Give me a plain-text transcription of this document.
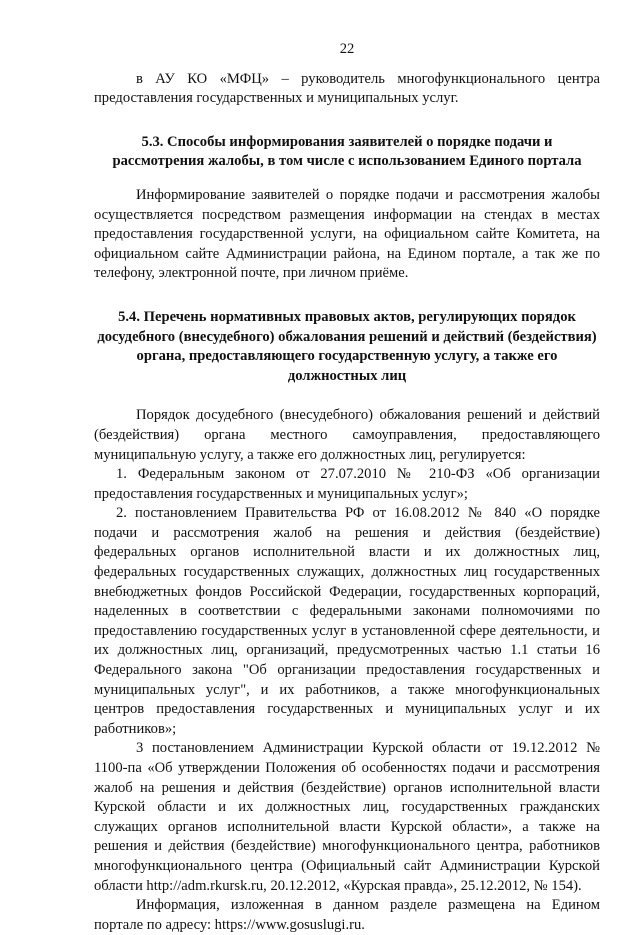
22

в АУ КО «МФЦ» – руководитель многофункционального центра предоставления государственных и муниципальных услуг.

5.3. Способы информирования заявителей о порядке подачи и рассмотрения жалобы, в том числе с использованием Единого портала

Информирование заявителей о порядке подачи и рассмотрения жалобы осуществляется посредством размещения информации на стендах в местах предоставления государственной услуги, на официальном сайте Комитета, на официальном сайте Администрации района, на Едином портале, а так же по телефону, электронной почте, при личном приёме.

5.4. Перечень нормативных правовых актов, регулирующих порядок досудебного (внесудебного) обжалования решений и действий (бездействия) органа, предоставляющего государственную услугу, а также его должностных лиц

Порядок досудебного (внесудебного) обжалования решений и действий (бездействия) органа местного самоуправления, предоставляющего муниципальную услугу, а также его должностных лиц, регулируется:

1. Федеральным законом от 27.07.2010 № 210-ФЗ «Об организации предоставления государственных и муниципальных услуг»;

2. постановлением Правительства РФ от 16.08.2012 № 840 «О порядке подачи и рассмотрения жалоб на решения и действия (бездействие) федеральных органов исполнительной власти и их должностных лиц, федеральных государственных служащих, должностных лиц государственных внебюджетных фондов Российской Федерации, государственных корпораций, наделенных в соответствии с федеральными законами полномочиями по предоставлению государственных услуг в установленной сфере деятельности, и их должностных лиц, организаций, предусмотренных частью 1.1 статьи 16 Федерального закона "Об организации предоставления государственных и муниципальных услуг", и их работников, а также многофункциональных центров предоставления государственных и муниципальных услуг и их работников»;

3 постановлением Администрации Курской области от 19.12.2012 № 1100-па «Об утверждении Положения об особенностях подачи и рассмотрения жалоб на решения и действия (бездействие) органов исполнительной власти Курской области и их должностных лиц, государственных гражданских служащих органов исполнительной власти Курской области», а также на решения и действия (бездействие) многофункционального центра, работников многофункционального центра (Официальный сайт Администрации Курской области http://adm.rkursk.ru, 20.12.2012, «Курская правда», 25.12.2012, № 154).

Информация, изложенная в данном разделе размещена на Едином портале по адресу: https://www.gosuslugi.ru.
